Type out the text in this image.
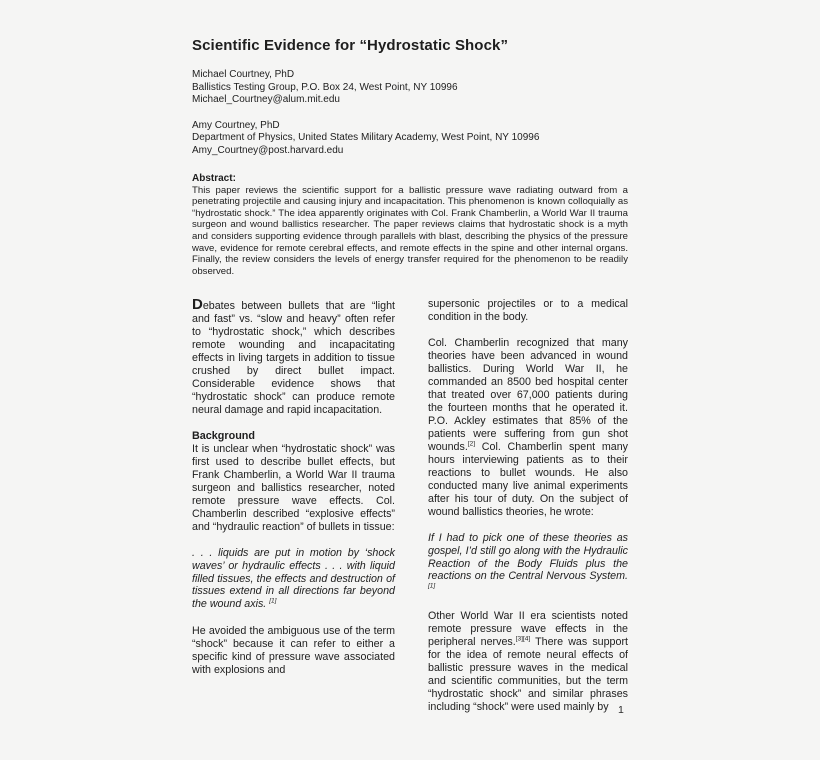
Scientific Evidence for “Hydrostatic Shock”
Michael Courtney, PhD
Ballistics Testing Group, P.O. Box 24, West Point, NY 10996
Michael_Courtney@alum.mit.edu
Amy Courtney, PhD
Department of Physics, United States Military Academy, West Point, NY 10996
Amy_Courtney@post.harvard.edu
Abstract:

This paper reviews the scientific support for a ballistic pressure wave radiating outward from a penetrating projectile and causing injury and incapacitation. This phenomenon is known colloquially as “hydrostatic shock.” The idea apparently originates with Col. Frank Chamberlin, a World War II trauma surgeon and wound ballistics researcher. The paper reviews claims that hydrostatic shock is a myth and considers supporting evidence through parallels with blast, describing the physics of the pressure wave, evidence for remote cerebral effects, and remote effects in the spine and other internal organs. Finally, the review considers the levels of energy transfer required for the phenomenon to be readily observed.

Debates between bullets that are “light and fast” vs. “slow and heavy” often refer to “hydrostatic shock,” which describes remote wounding and incapacitating effects in living targets in addition to tissue crushed by direct bullet impact. Considerable evidence shows that “hydrostatic shock” can produce remote neural damage and rapid incapacitation.

Background

It is unclear when “hydrostatic shock” was first used to describe bullet effects, but Frank Chamberlin, a World War II trauma surgeon and ballistics researcher, noted remote pressure wave effects. Col. Chamberlin described “explosive effects” and “hydraulic reaction” of bullets in tissue:

. . . liquids are put in motion by ‘shock waves’ or hydraulic effects . . . with liquid filled tissues, the effects and destruction of tissues extend in all directions far beyond the wound axis. [1]

He avoided the ambiguous use of the term “shock” because it can refer to either a specific kind of pressure wave associated with explosions and

supersonic projectiles or to a medical condition in the body.

Col. Chamberlin recognized that many theories have been advanced in wound ballistics. During World War II, he commanded an 8500 bed hospital center that treated over 67,000 patients during the fourteen months that he operated it. P.O. Ackley estimates that 85% of the patients were suffering from gun shot wounds.[2] Col. Chamberlin spent many hours interviewing patients as to their reactions to bullet wounds. He also conducted many live animal experiments after his tour of duty. On the subject of wound ballistics theories, he wrote:

If I had to pick one of these theories as gospel, I’d still go along with the Hydraulic Reaction of the Body Fluids plus the reactions on the Central Nervous System.[1]

Other World War II era scientists noted remote pressure wave effects in the peripheral nerves.[3][4] There was support for the idea of remote neural effects of ballistic pressure waves in the medical and scientific communities, but the term “hydrostatic shock” and similar phrases including “shock” were used mainly by 1
